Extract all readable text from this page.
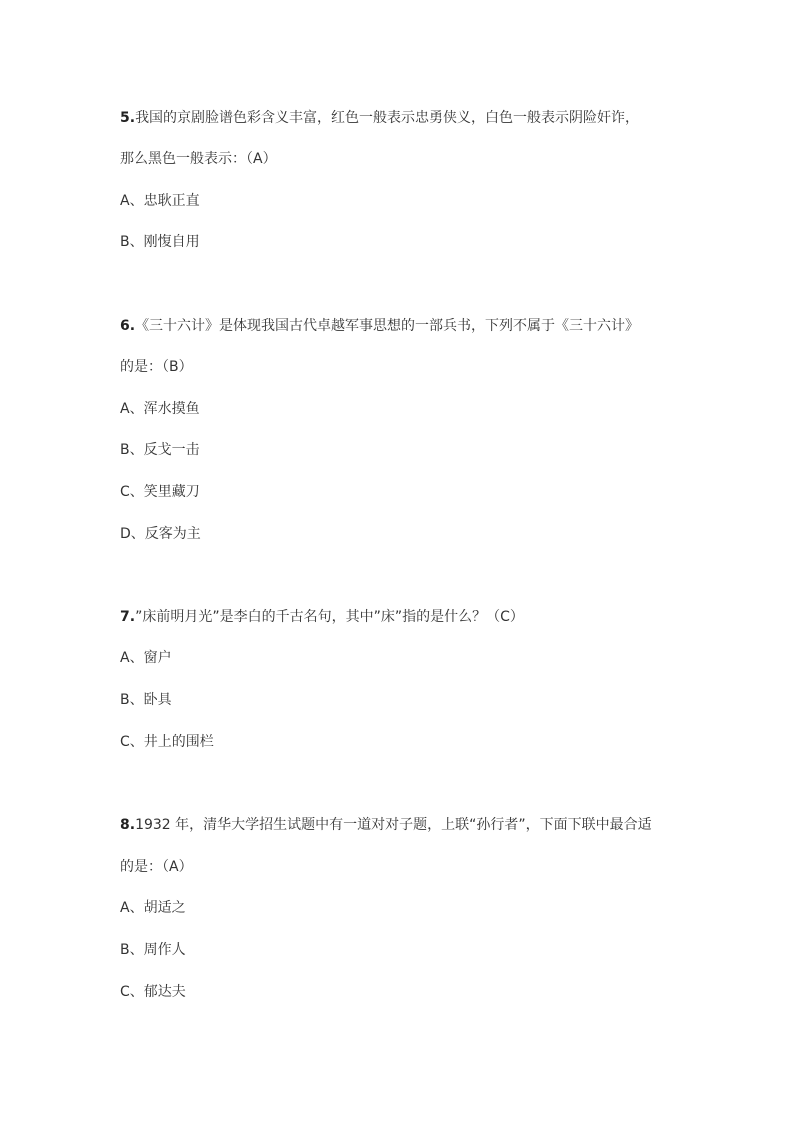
5.我国的京剧脸谱色彩含义丰富，红色一般表示忠勇侠义，白色一般表示阴险奸诈，
那么黑色一般表示：（A）
A、忠耿正直
B、刚愎自用
6.《三十六计》是体现我国古代卓越军事思想的一部兵书，下列不属于《三十六计》
的是：（B）
A、浑水摸鱼
B、反戈一击
C、笑里藏刀
D、反客为主
7.”床前明月光”是李白的千古名句，其中”床”指的是什么？（C）
A、窗户
B、卧具
C、井上的围栏
8.1932 年，清华大学招生试题中有一道对对子题，上联“孙行者”，下面下联中最合适
的是：（A）
A、胡适之
B、周作人
C、郁达夫
